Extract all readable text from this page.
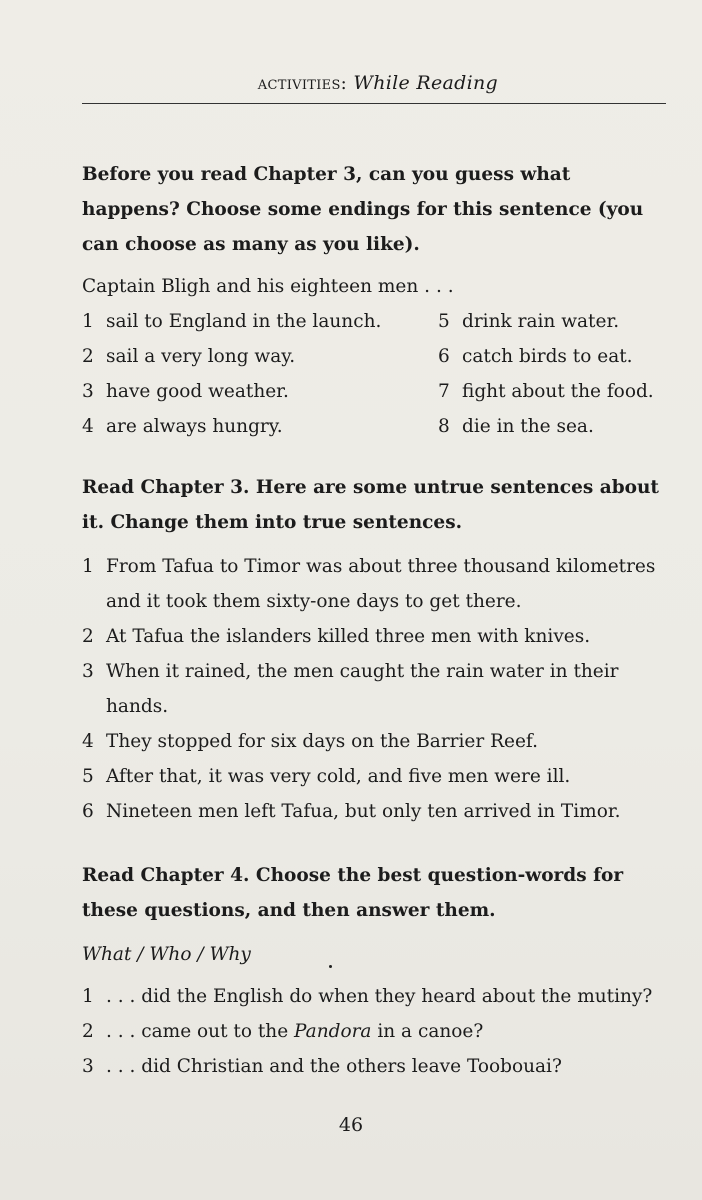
activities: While Reading

Before you read Chapter 3, can you guess what happens? Choose some endings for this sentence (you can choose as many as you like).

Captain Bligh and his eighteen men . . .

1 sail to England in the launch.
2 sail a very long way.
3 have good weather.
4 are always hungry.
5 drink rain water.
6 catch birds to eat.
7 fight about the food.
8 die in the sea.

Read Chapter 3. Here are some untrue sentences about it. Change them into true sentences.

1 From Tafua to Timor was about three thousand kilometres and it took them sixty-one days to get there.
2 At Tafua the islanders killed three men with knives.
3 When it rained, the men caught the rain water in their hands.
4 They stopped for six days on the Barrier Reef.
5 After that, it was very cold, and five men were ill.
6 Nineteen men left Tafua, but only ten arrived in Timor.

Read Chapter 4. Choose the best question-words for these questions, and then answer them.

What / Who / Why

1 . . . did the English do when they heard about the mutiny?
2 . . . came out to the Pandora in a canoe?
3 . . . did Christian and the others leave Toobouai?
46
